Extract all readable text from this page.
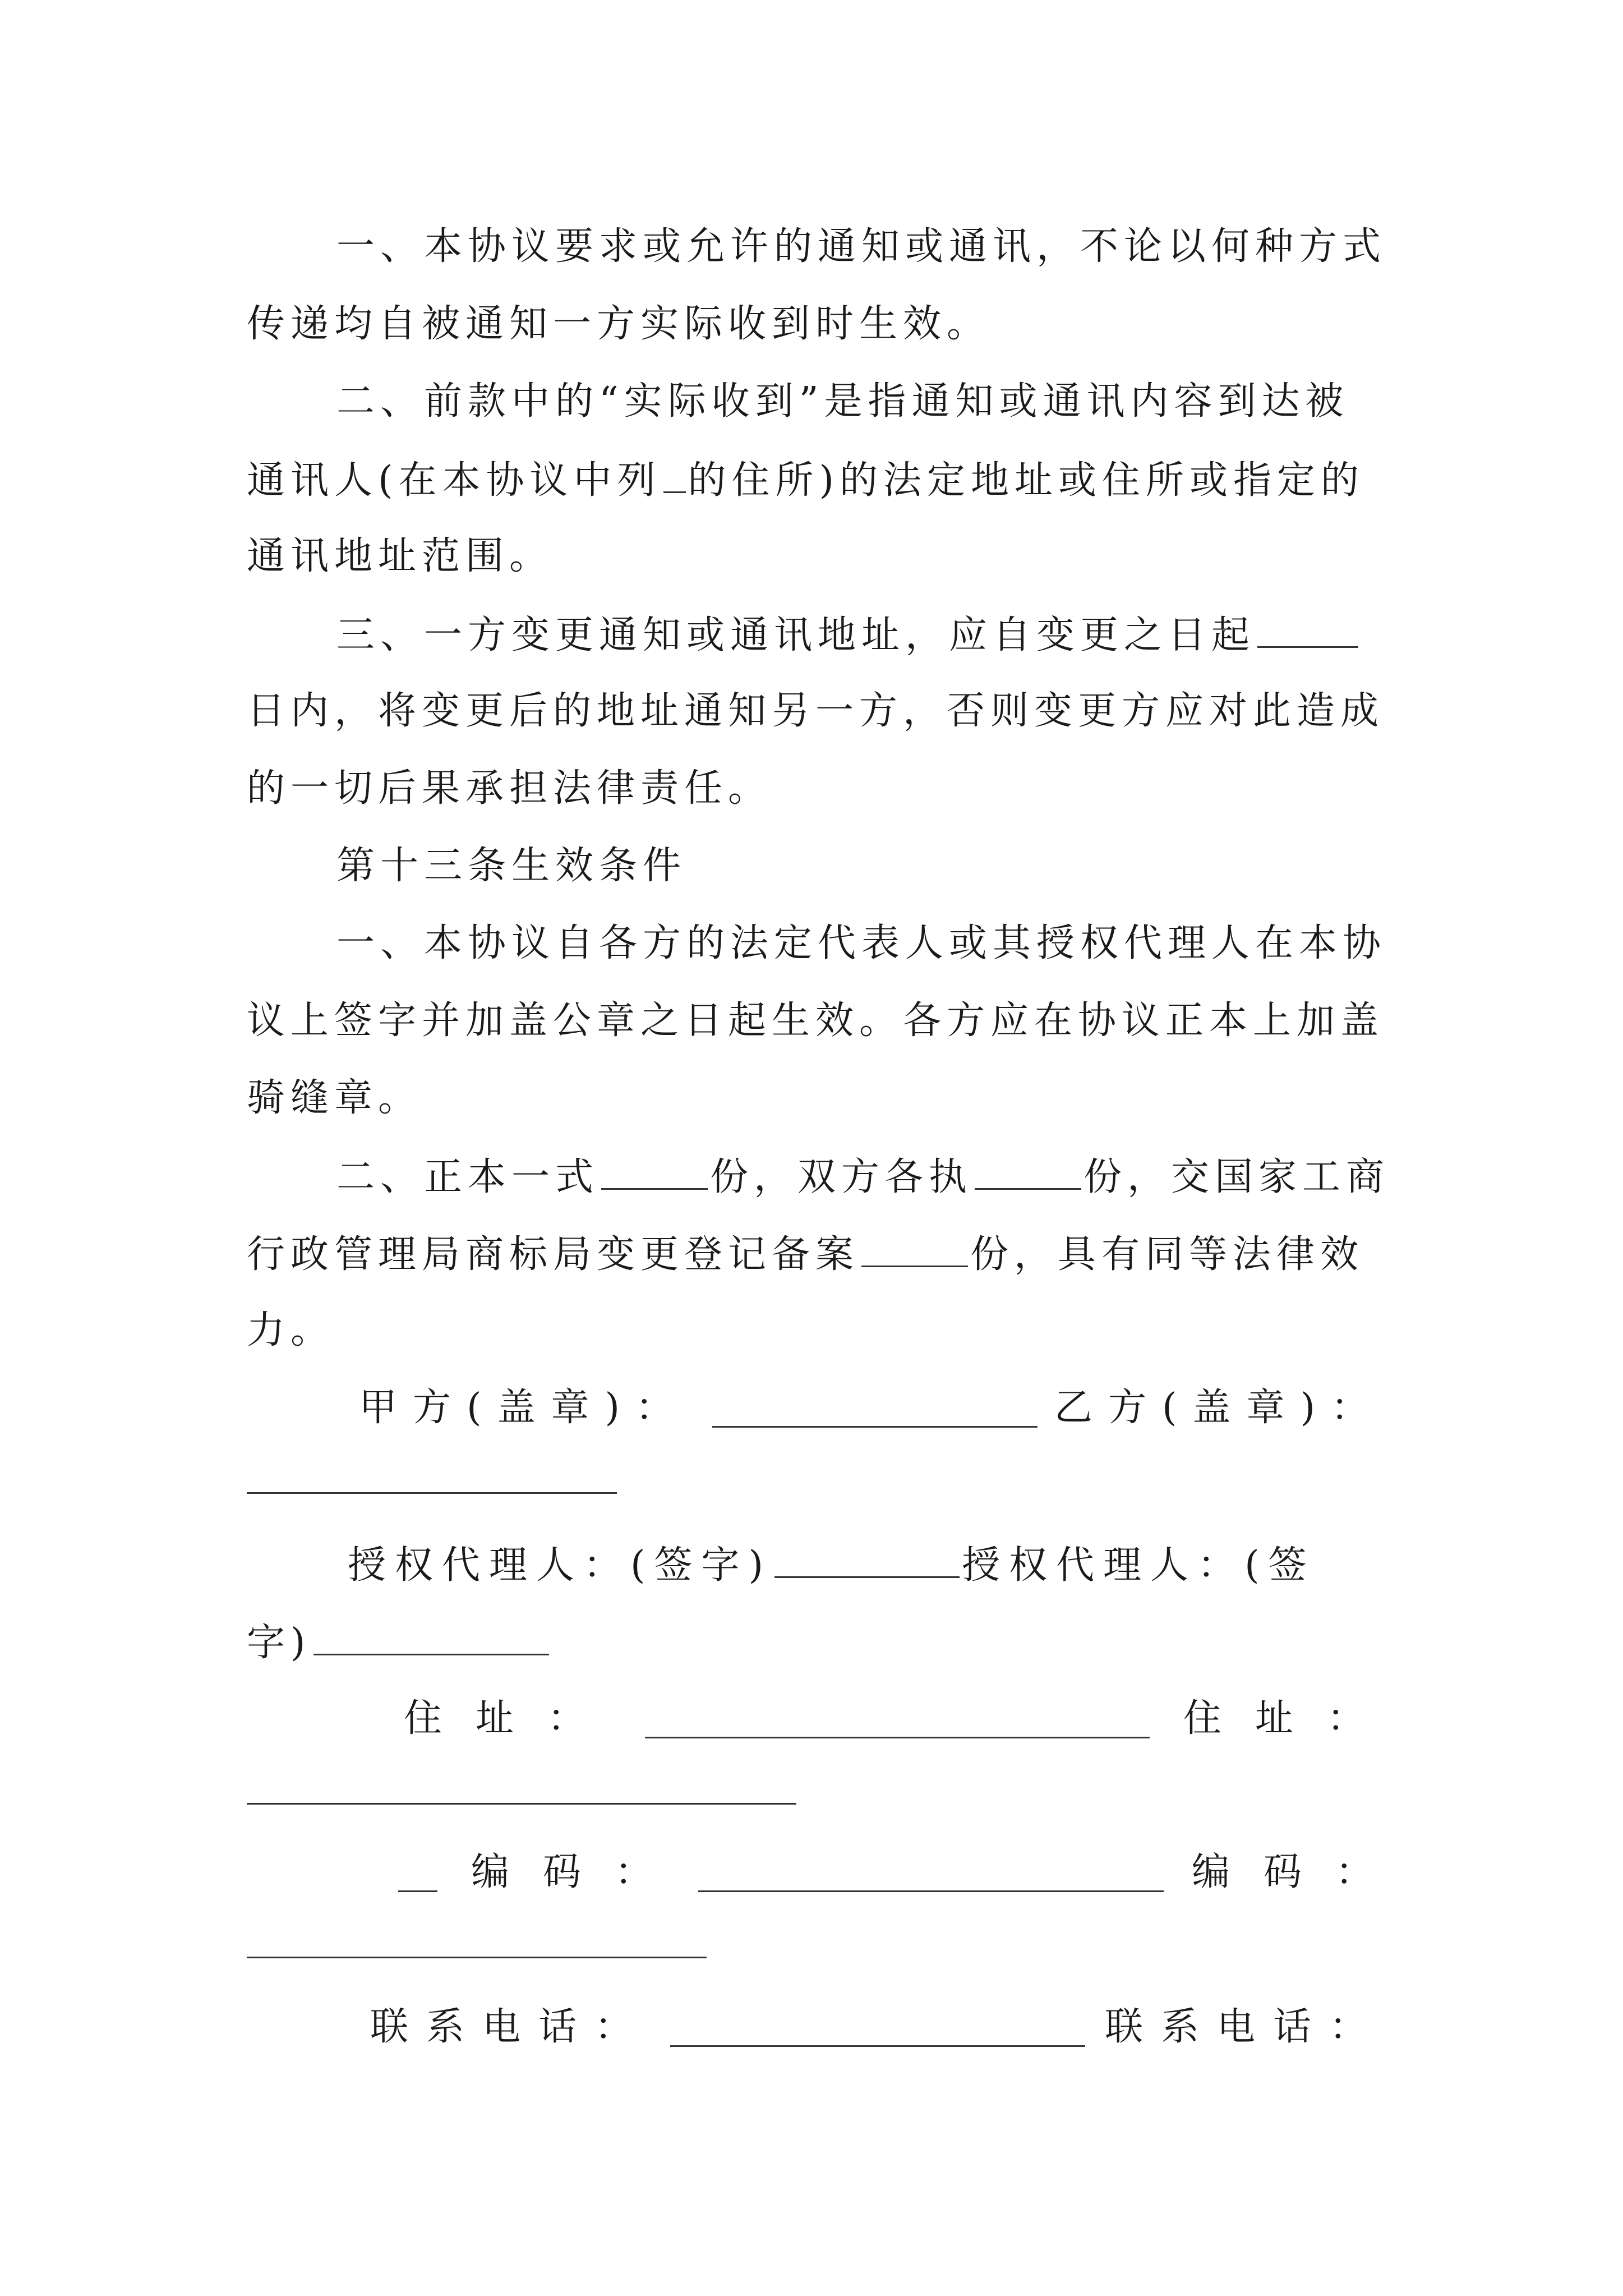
一、本协议要求或允许的通知或通讯，不论以何种方式
传递均自被通知一方实际收到时生效。
二、前款中的“实际收到”是指通知或通讯内容到达被
通讯人(在本协议中列 的住所)的法定地址或住所或指定的
通讯地址范围。
三、一方变更通知或通讯地址，应自变更之日起
日内，将变更后的地址通知另一方，否则变更方应对此造成
的一切后果承担法律责任。
第十三条生效条件
一、本协议自各方的法定代表人或其授权代理人在本协
议上签字并加盖公章之日起生效。各方应在协议正本上加盖
骑缝章。
二、正本一式	份，双方各执	份，交国家工商
行政管理局商标局变更登记备案	份，具有同等法律效
力。
甲方(盖章)：	乙方(盖章)：
授权代理人：(签字)	授权代理人：(签
字)
住址：	住址：
编码：	编码：
联系电话：	联系电话：
